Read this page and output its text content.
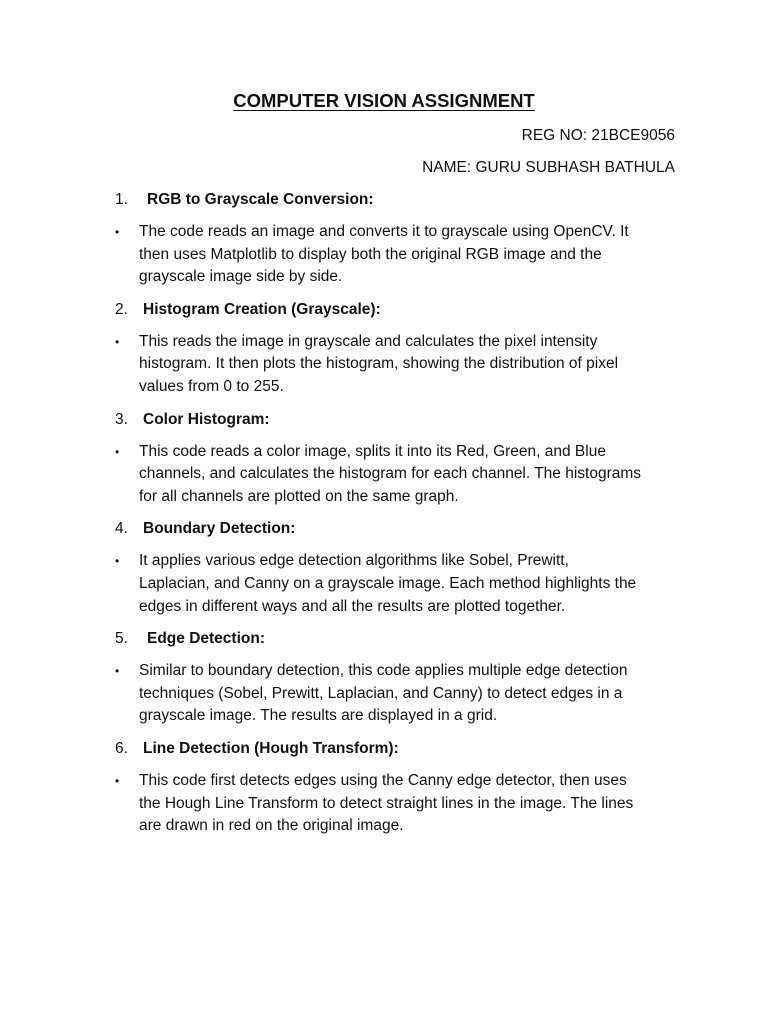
COMPUTER VISION ASSIGNMENT
REG NO: 21BCE9056
NAME: GURU SUBHASH BATHULA
1.	RGB to Grayscale Conversion:
•	The code reads an image and converts it to grayscale using OpenCV. It
then uses Matplotlib to display both the original RGB image and the
grayscale image side by side.
2. Histogram Creation (Grayscale):
•	This reads the image in grayscale and calculates the pixel intensity
histogram. It then plots the histogram, showing the distribution of pixel
values from 0 to 255.
3. Color Histogram:
•	This code reads a color image, splits it into its Red, Green, and Blue
channels, and calculates the histogram for each channel. The histograms
for all channels are plotted on the same graph.
4. Boundary Detection:
•	It applies various edge detection algorithms like Sobel, Prewitt,
Laplacian, and Canny on a grayscale image. Each method highlights the
edges in different ways and all the results are plotted together.
5.	Edge Detection:
•	Similar to boundary detection, this code applies multiple edge detection
techniques (Sobel, Prewitt, Laplacian, and Canny) to detect edges in a
grayscale image. The results are displayed in a grid.
6. Line Detection (Hough Transform):
•	This code first detects edges using the Canny edge detector, then uses
the Hough Line Transform to detect straight lines in the image. The lines
are drawn in red on the original image.
